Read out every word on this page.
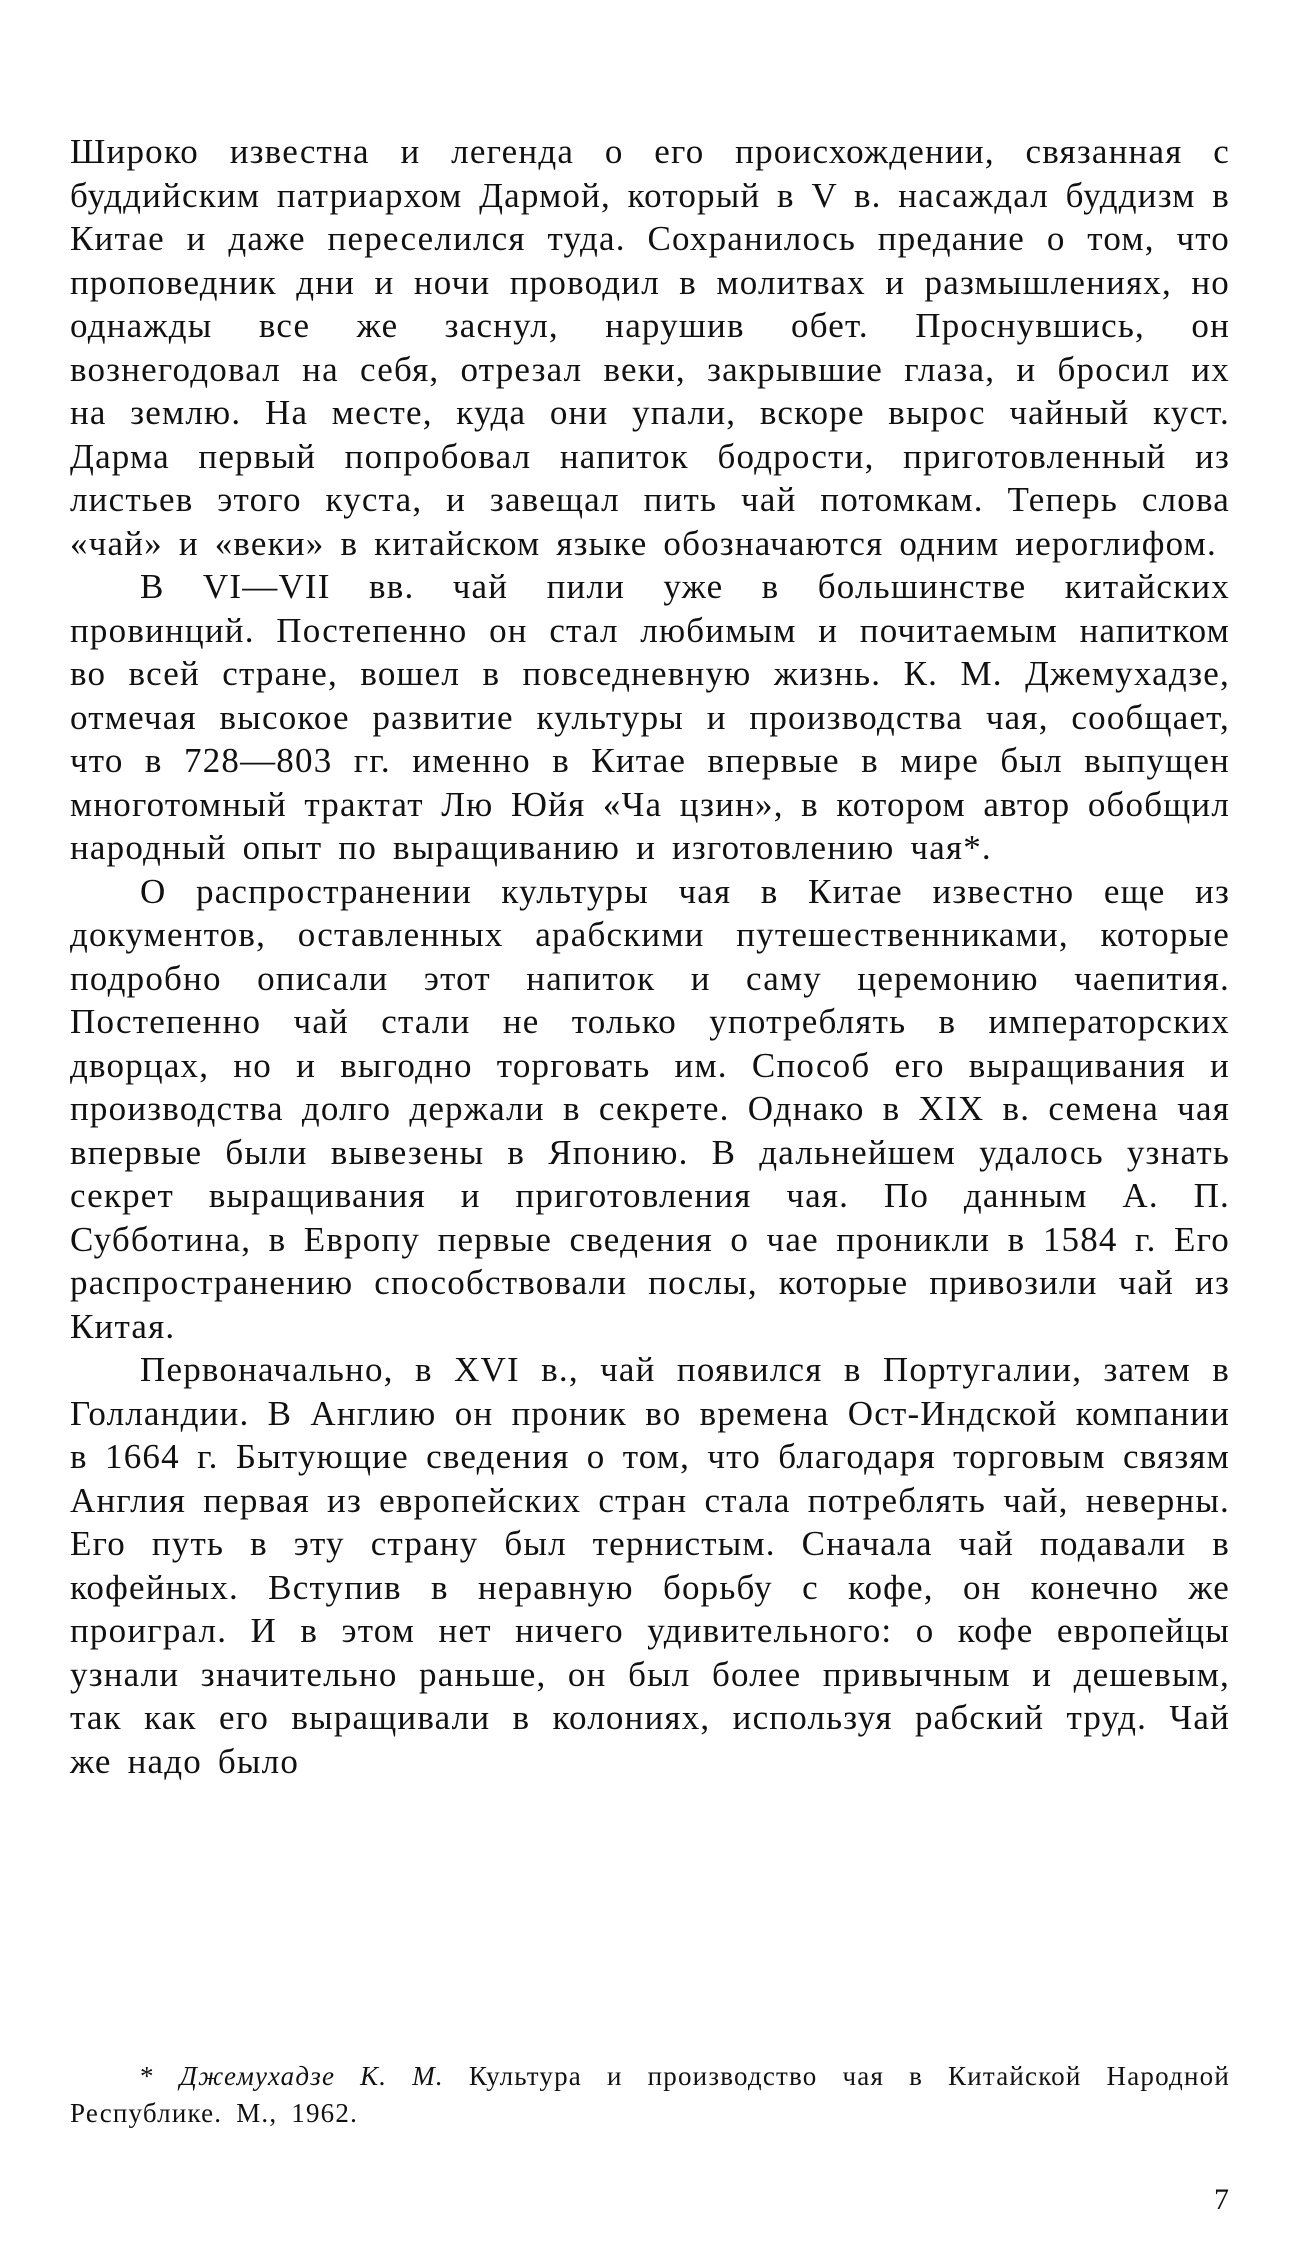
Широко известна и легенда о его происхождении, связанная с буддийским патриархом Дармой, который в V в. насаждал буддизм в Китае и даже переселился туда. Сохранилось предание о том, что проповедник дни и ночи проводил в молитвах и размышлениях, но однажды все же заснул, нарушив обет. Проснувшись, он вознегодовал на себя, отрезал веки, закрывшие глаза, и бросил их на землю. На месте, куда они упали, вскоре вырос чайный куст. Дарма первый попробовал напиток бодрости, приготовленный из листьев этого куста, и завещал пить чай потомкам. Теперь слова «чай» и «веки» в китайском языке обозначаются одним иероглифом.

В VI—VII вв. чай пили уже в большинстве китайских провинций. Постепенно он стал любимым и почитаемым напитком во всей стране, вошел в повседневную жизнь. К. М. Джемухадзе, отмечая высокое развитие культуры и производства чая, сообщает, что в 728—803 гг. именно в Китае впервые в мире был выпущен многотомный трактат Лю Юйя «Ча цзин», в котором автор обобщил народный опыт по выращиванию и изготовлению чая*.

О распространении культуры чая в Китае известно еще из документов, оставленных арабскими путешественниками, которые подробно описали этот напиток и саму церемонию чаепития. Постепенно чай стали не только употреблять в императорских дворцах, но и выгодно торговать им. Способ его выращивания и производства долго держали в секрете. Однако в XIX в. семена чая впервые были вывезены в Японию. В дальнейшем удалось узнать секрет выращивания и приготовления чая. По данным А. П. Субботина, в Европу первые сведения о чае проникли в 1584 г. Его распространению способствовали послы, которые привозили чай из Китая.

Первоначально, в XVI в., чай появился в Португалии, затем в Голландии. В Англию он проник во времена Ост-Индской компании в 1664 г. Бытующие сведения о том, что благодаря торговым связям Англия первая из европейских стран стала потреблять чай, неверны. Его путь в эту страну был тернистым. Сначала чай подавали в кофейных. Вступив в неравную борьбу с кофе, он конечно же проиграл. И в этом нет ничего удивительного: о кофе европейцы узнали значительно раньше, он был более привычным и дешевым, так как его выращивали в колониях, используя рабский труд. Чай же надо было

* Джемухадзе К. М. Культура и производство чая в Китайской Народной Республике. М., 1962.

7
